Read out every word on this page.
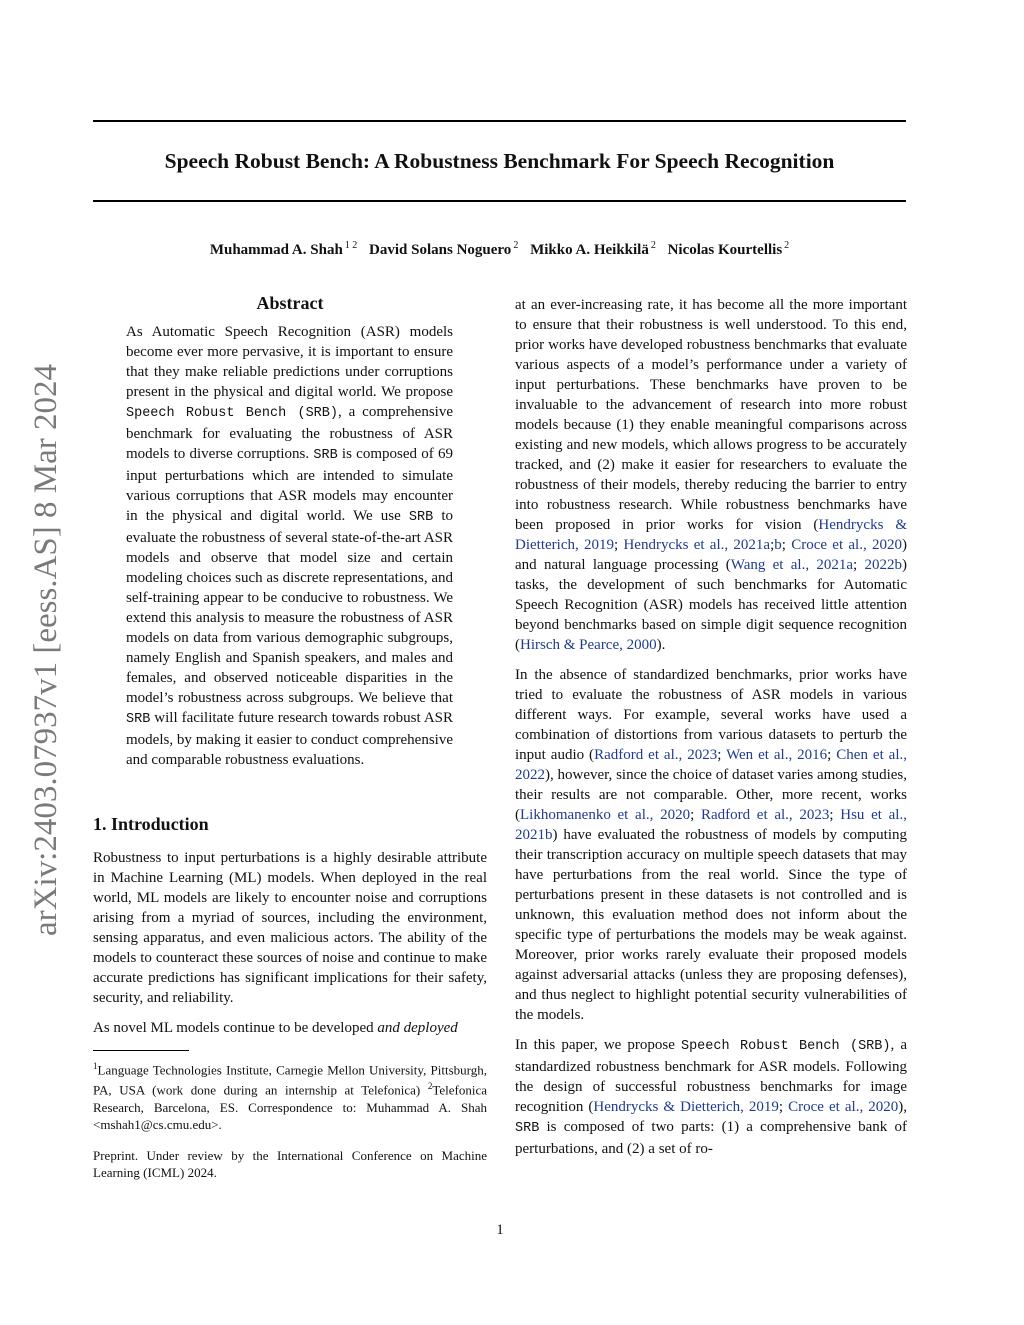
Speech Robust Bench: A Robustness Benchmark For Speech Recognition
Muhammad A. Shah $^{1 2}$ David Solans Noguero $^2$ Mikko A. Heikkilä $^2$ Nicolas Kourtellis $^2$
arXiv:2403.07937v1 [eess.AS] 8 Mar 2024
Abstract

As Automatic Speech Recognition (ASR) models become ever more pervasive, it is important to ensure that they make reliable predictions under corruptions present in the physical and digital world. We propose Speech Robust Bench (SRB), a comprehensive benchmark for evaluating the robustness of ASR models to diverse corruptions. SRB is composed of 69 input perturbations which are intended to simulate various corruptions that ASR models may encounter in the physical and digital world. We use SRB to evaluate the robustness of several state-of-the-art ASR models and observe that model size and certain modeling choices such as discrete representations, and self-training appear to be conducive to robustness. We extend this analysis to measure the robustness of ASR models on data from various demographic subgroups, namely English and Spanish speakers, and males and females, and observed noticeable disparities in the model’s robustness across subgroups. We believe that SRB will facilitate future research towards robust ASR models, by making it easier to conduct comprehensive and comparable robustness evaluations.

1. Introduction

Robustness to input perturbations is a highly desirable attribute in Machine Learning (ML) models. When deployed in the real world, ML models are likely to encounter noise and corruptions arising from a myriad of sources, including the environment, sensing apparatus, and even malicious actors. The ability of the models to counteract these sources of noise and continue to make accurate predictions has significant implications for their safety, security, and reliability.

As novel ML models continue to be developed and deployed

$^1$Language Technologies Institute, Carnegie Mellon University, Pittsburgh, PA, USA (work done during an internship at Telefonica) $^2$Telefonica Research, Barcelona, ES. Correspondence to: Muhammad A. Shah <mshah1@cs.cmu.edu>.
Preprint. Under review by the International Conference on Machine Learning (ICML) 2024.

at an ever-increasing rate, it has become all the more important to ensure that their robustness is well understood. To this end, prior works have developed robustness benchmarks that evaluate various aspects of a model’s performance under a variety of input perturbations. These benchmarks have proven to be invaluable to the advancement of research into more robust models because (1) they enable meaningful comparisons across existing and new models, which allows progress to be accurately tracked, and (2) make it easier for researchers to evaluate the robustness of their models, thereby reducing the barrier to entry into robustness research. While robustness benchmarks have been proposed in prior works for vision (Hendrycks & Dietterich, 2019; Hendrycks et al., 2021a;b; Croce et al., 2020) and natural language processing (Wang et al., 2021a; 2022b) tasks, the development of such benchmarks for Automatic Speech Recognition (ASR) models has received little attention beyond benchmarks based on simple digit sequence recognition (Hirsch & Pearce, 2000).

In the absence of standardized benchmarks, prior works have tried to evaluate the robustness of ASR models in various different ways. For example, several works have used a combination of distortions from various datasets to perturb the input audio (Radford et al., 2023; Wen et al., 2016; Chen et al., 2022), however, since the choice of dataset varies among studies, their results are not comparable. Other, more recent, works (Likhomanenko et al., 2020; Radford et al., 2023; Hsu et al., 2021b) have evaluated the robustness of models by computing their transcription accuracy on multiple speech datasets that may have perturbations from the real world. Since the type of perturbations present in these datasets is not controlled and is unknown, this evaluation method does not inform about the specific type of perturbations the models may be weak against. Moreover, prior works rarely evaluate their proposed models against adversarial attacks (unless they are proposing defenses), and thus neglect to highlight potential security vulnerabilities of the models.

In this paper, we propose Speech Robust Bench (SRB), a standardized robustness benchmark for ASR models. Following the design of successful robustness benchmarks for image recognition (Hendrycks & Dietterich, 2019; Croce et al., 2020), SRB is composed of two parts: (1) a comprehensive bank of perturbations, and (2) a set of ro-

1
